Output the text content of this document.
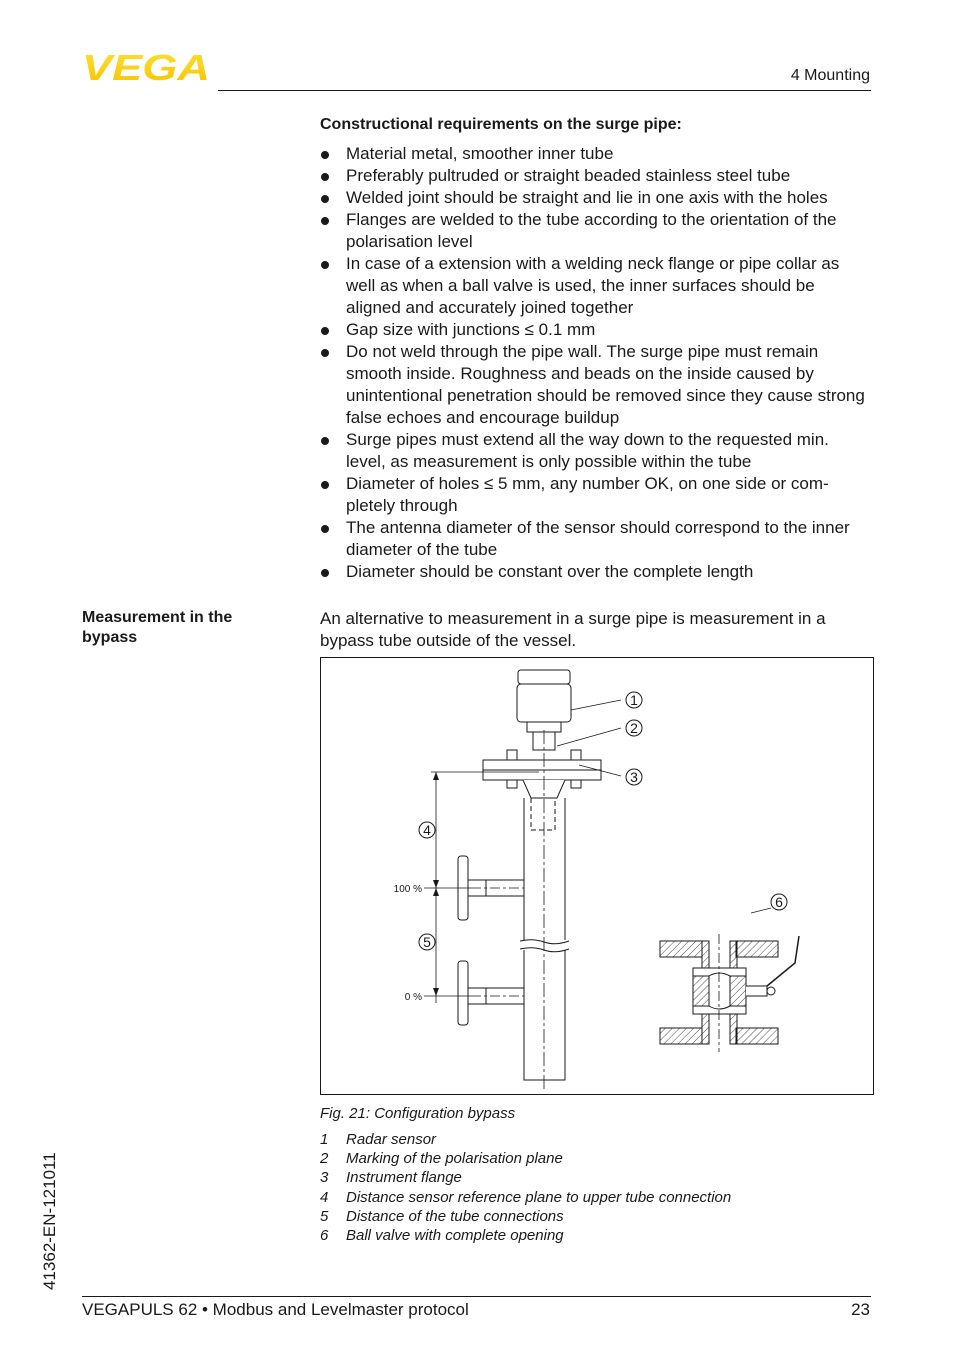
VEGA	4 Mounting
Constructional requirements on the surge pipe:
Material metal, smoother inner tube
Preferably pultruded or straight beaded stainless steel tube
Welded joint should be straight and lie in one axis with the holes
Flanges are welded to the tube according to the orientation of the polarisation level
In case of a extension with a welding neck flange or pipe collar as well as when a ball valve is used, the inner surfaces should be aligned and accurately joined together
Gap size with junctions ≤ 0.1 mm
Do not weld through the pipe wall. The surge pipe must remain smooth inside. Roughness and beads on the inside caused by unintentional penetration should be removed since they cause strong false echoes and encourage buildup
Surge pipes must extend all the way down to the requested min. level, as measurement is only possible within the tube
Diameter of holes ≤ 5 mm, any number OK, on one side or com- pletely through
The antenna diameter of the sensor should correspond to the inner diameter of the tube
Diameter should be constant over the complete length
Measurement in the bypass

An alternative to measurement in a surge pipe is measurement in a bypass tube outside of the vessel.

1
2
3
4
5
6
100 %
0 %
Fig. 21: Configuration bypass
1	Radar sensor
2	Marking of the polarisation plane
3	Instrument flange
4	Distance sensor reference plane to upper tube connection
5	Distance of the tube connections
6	Ball valve with complete opening
41362-EN-121011
VEGAPULS 62 • Modbus and Levelmaster protocol	23
